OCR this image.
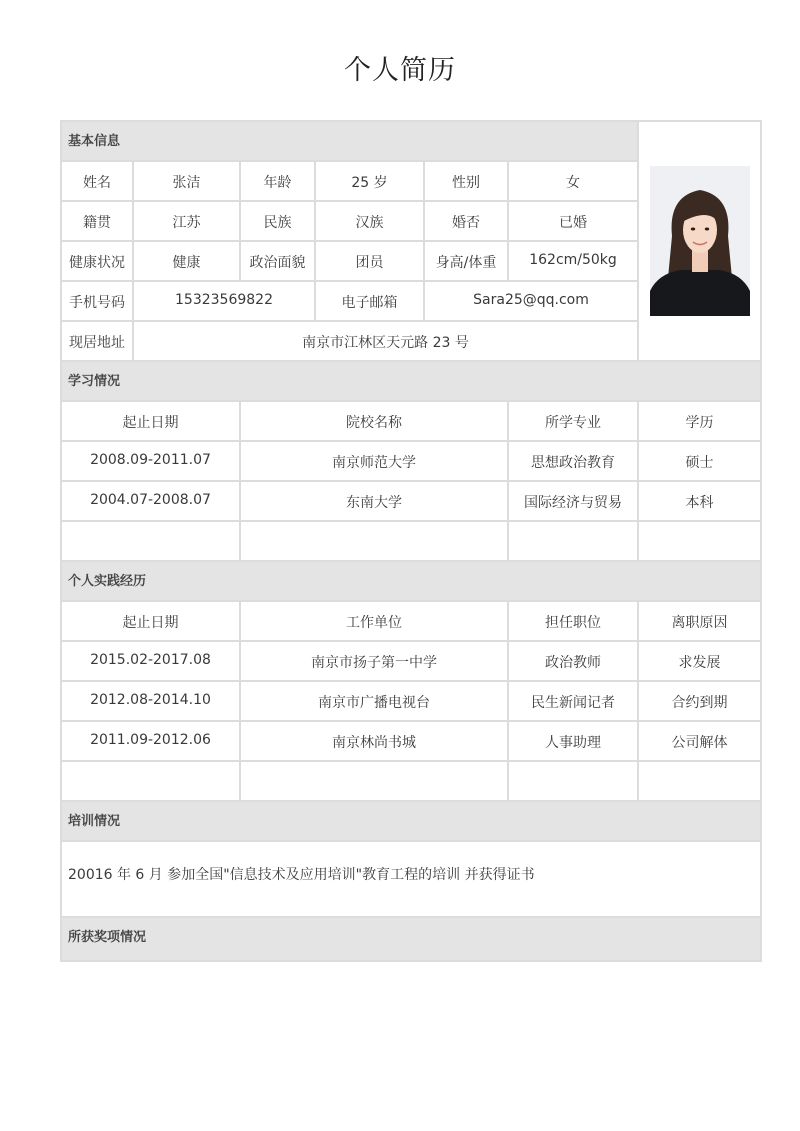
个人简历
基本信息	

姓名	张洁	年龄	25 岁	性别	女	
籍贯	江苏	民族	汉族	婚否	已婚	
健康状况	健康	政治面貌	团员	身高/体重	162cm/50kg	
手机号码	15323569822		电子邮箱	Sara25@qq.com		
现居地址	南京市江林区天元路 23 号					
学习情况						
起止日期		院校名称			所学专业	学历
2008.09-2011.07		南京师范大学			思想政治教育	硕士
2004.07-2008.07		东南大学			国际经济与贸易	本科

个人实践经历						
起止日期		工作单位			担任职位	离职原因
2015.02-2017.08		南京市扬子第一中学			政治教师	求发展
2012.08-2014.10		南京市广播电视台			民生新闻记者	合约到期
2011.09-2012.06		南京林尚书城			人事助理	公司解体

培训情况						
20016 年 6 月 参加全国"信息技术及应用培训"教育工程的培训 并获得证书						
所获奖项情况						
